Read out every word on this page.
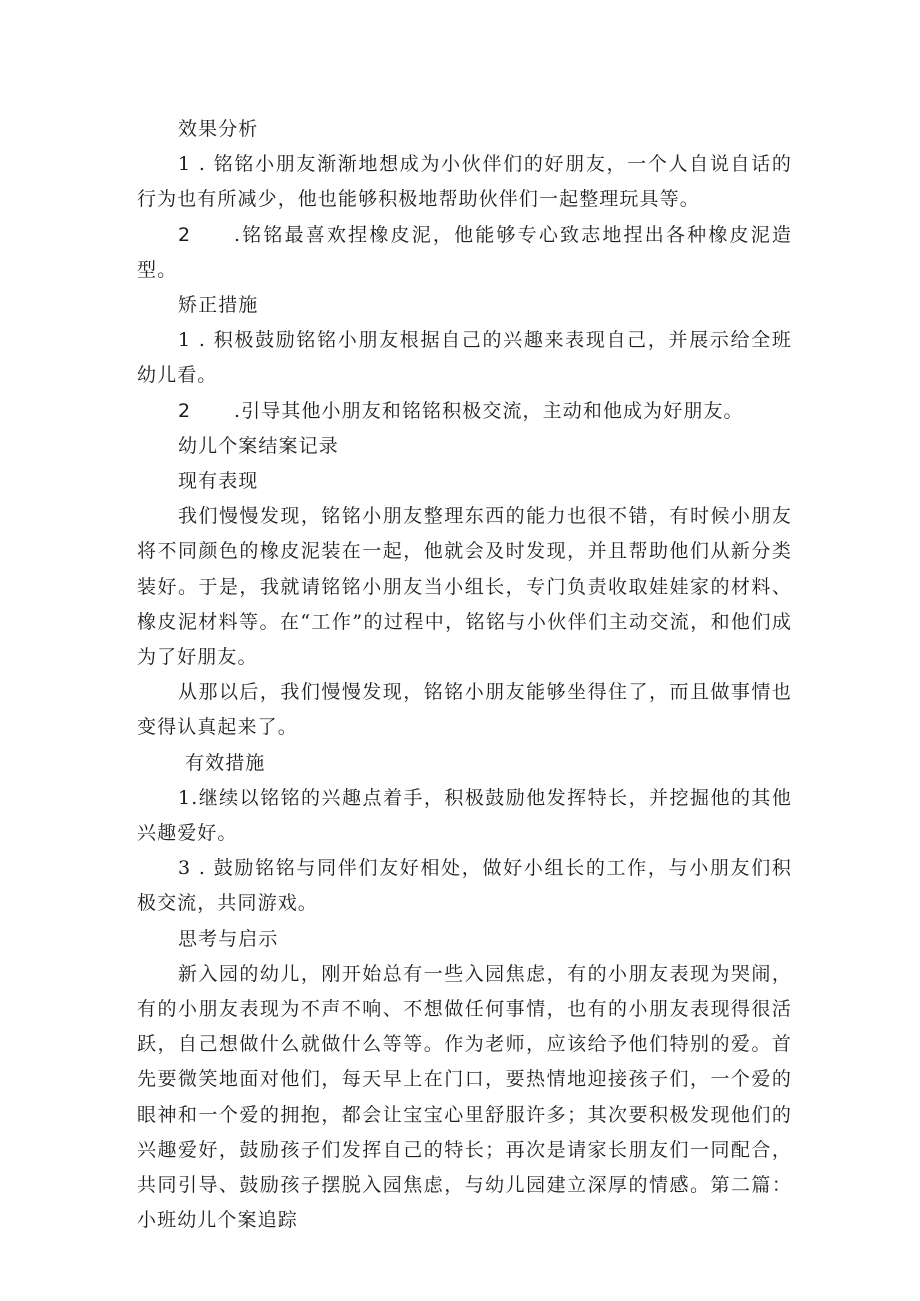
效果分析

1 . 铭铭小朋友渐渐地想成为小伙伴们的好朋友，一个人自说自话的行为也有所减少，他也能够积极地帮助伙伴们一起整理玩具等。

2 .铭铭最喜欢捏橡皮泥，他能够专心致志地捏出各种橡皮泥造型。

矫正措施

1 . 积极鼓励铭铭小朋友根据自己的兴趣来表现自己，并展示给全班幼儿看。

2 .引导其他小朋友和铭铭积极交流，主动和他成为好朋友。

幼儿个案结案记录

现有表现

我们慢慢发现，铭铭小朋友整理东西的能力也很不错，有时候小朋友将不同颜色的橡皮泥装在一起，他就会及时发现，并且帮助他们从新分类装好。于是，我就请铭铭小朋友当小组长，专门负责收取娃娃家的材料、橡皮泥材料等。在“工作”的过程中，铭铭与小伙伴们主动交流，和他们成为了好朋友。

从那以后，我们慢慢发现，铭铭小朋友能够坐得住了，而且做事情也变得认真起来了。

有效措施

1.继续以铭铭的兴趣点着手，积极鼓励他发挥特长，并挖掘他的其他兴趣爱好。

3 . 鼓励铭铭与同伴们友好相处，做好小组长的工作，与小朋友们积极交流，共同游戏。

思考与启示

新入园的幼儿，刚开始总有一些入园焦虑，有的小朋友表现为哭闹，有的小朋友表现为不声不响、不想做任何事情，也有的小朋友表现得很活跃，自己想做什么就做什么等等。作为老师，应该给予他们特别的爱。首先要微笑地面对他们，每天早上在门口，要热情地迎接孩子们，一个爱的眼神和一个爱的拥抱，都会让宝宝心里舒服许多；其次要积极发现他们的兴趣爱好，鼓励孩子们发挥自己的特长；再次是请家长朋友们一同配合，共同引导、鼓励孩子摆脱入园焦虑，与幼儿园建立深厚的情感。第二篇：小班幼儿个案追踪
